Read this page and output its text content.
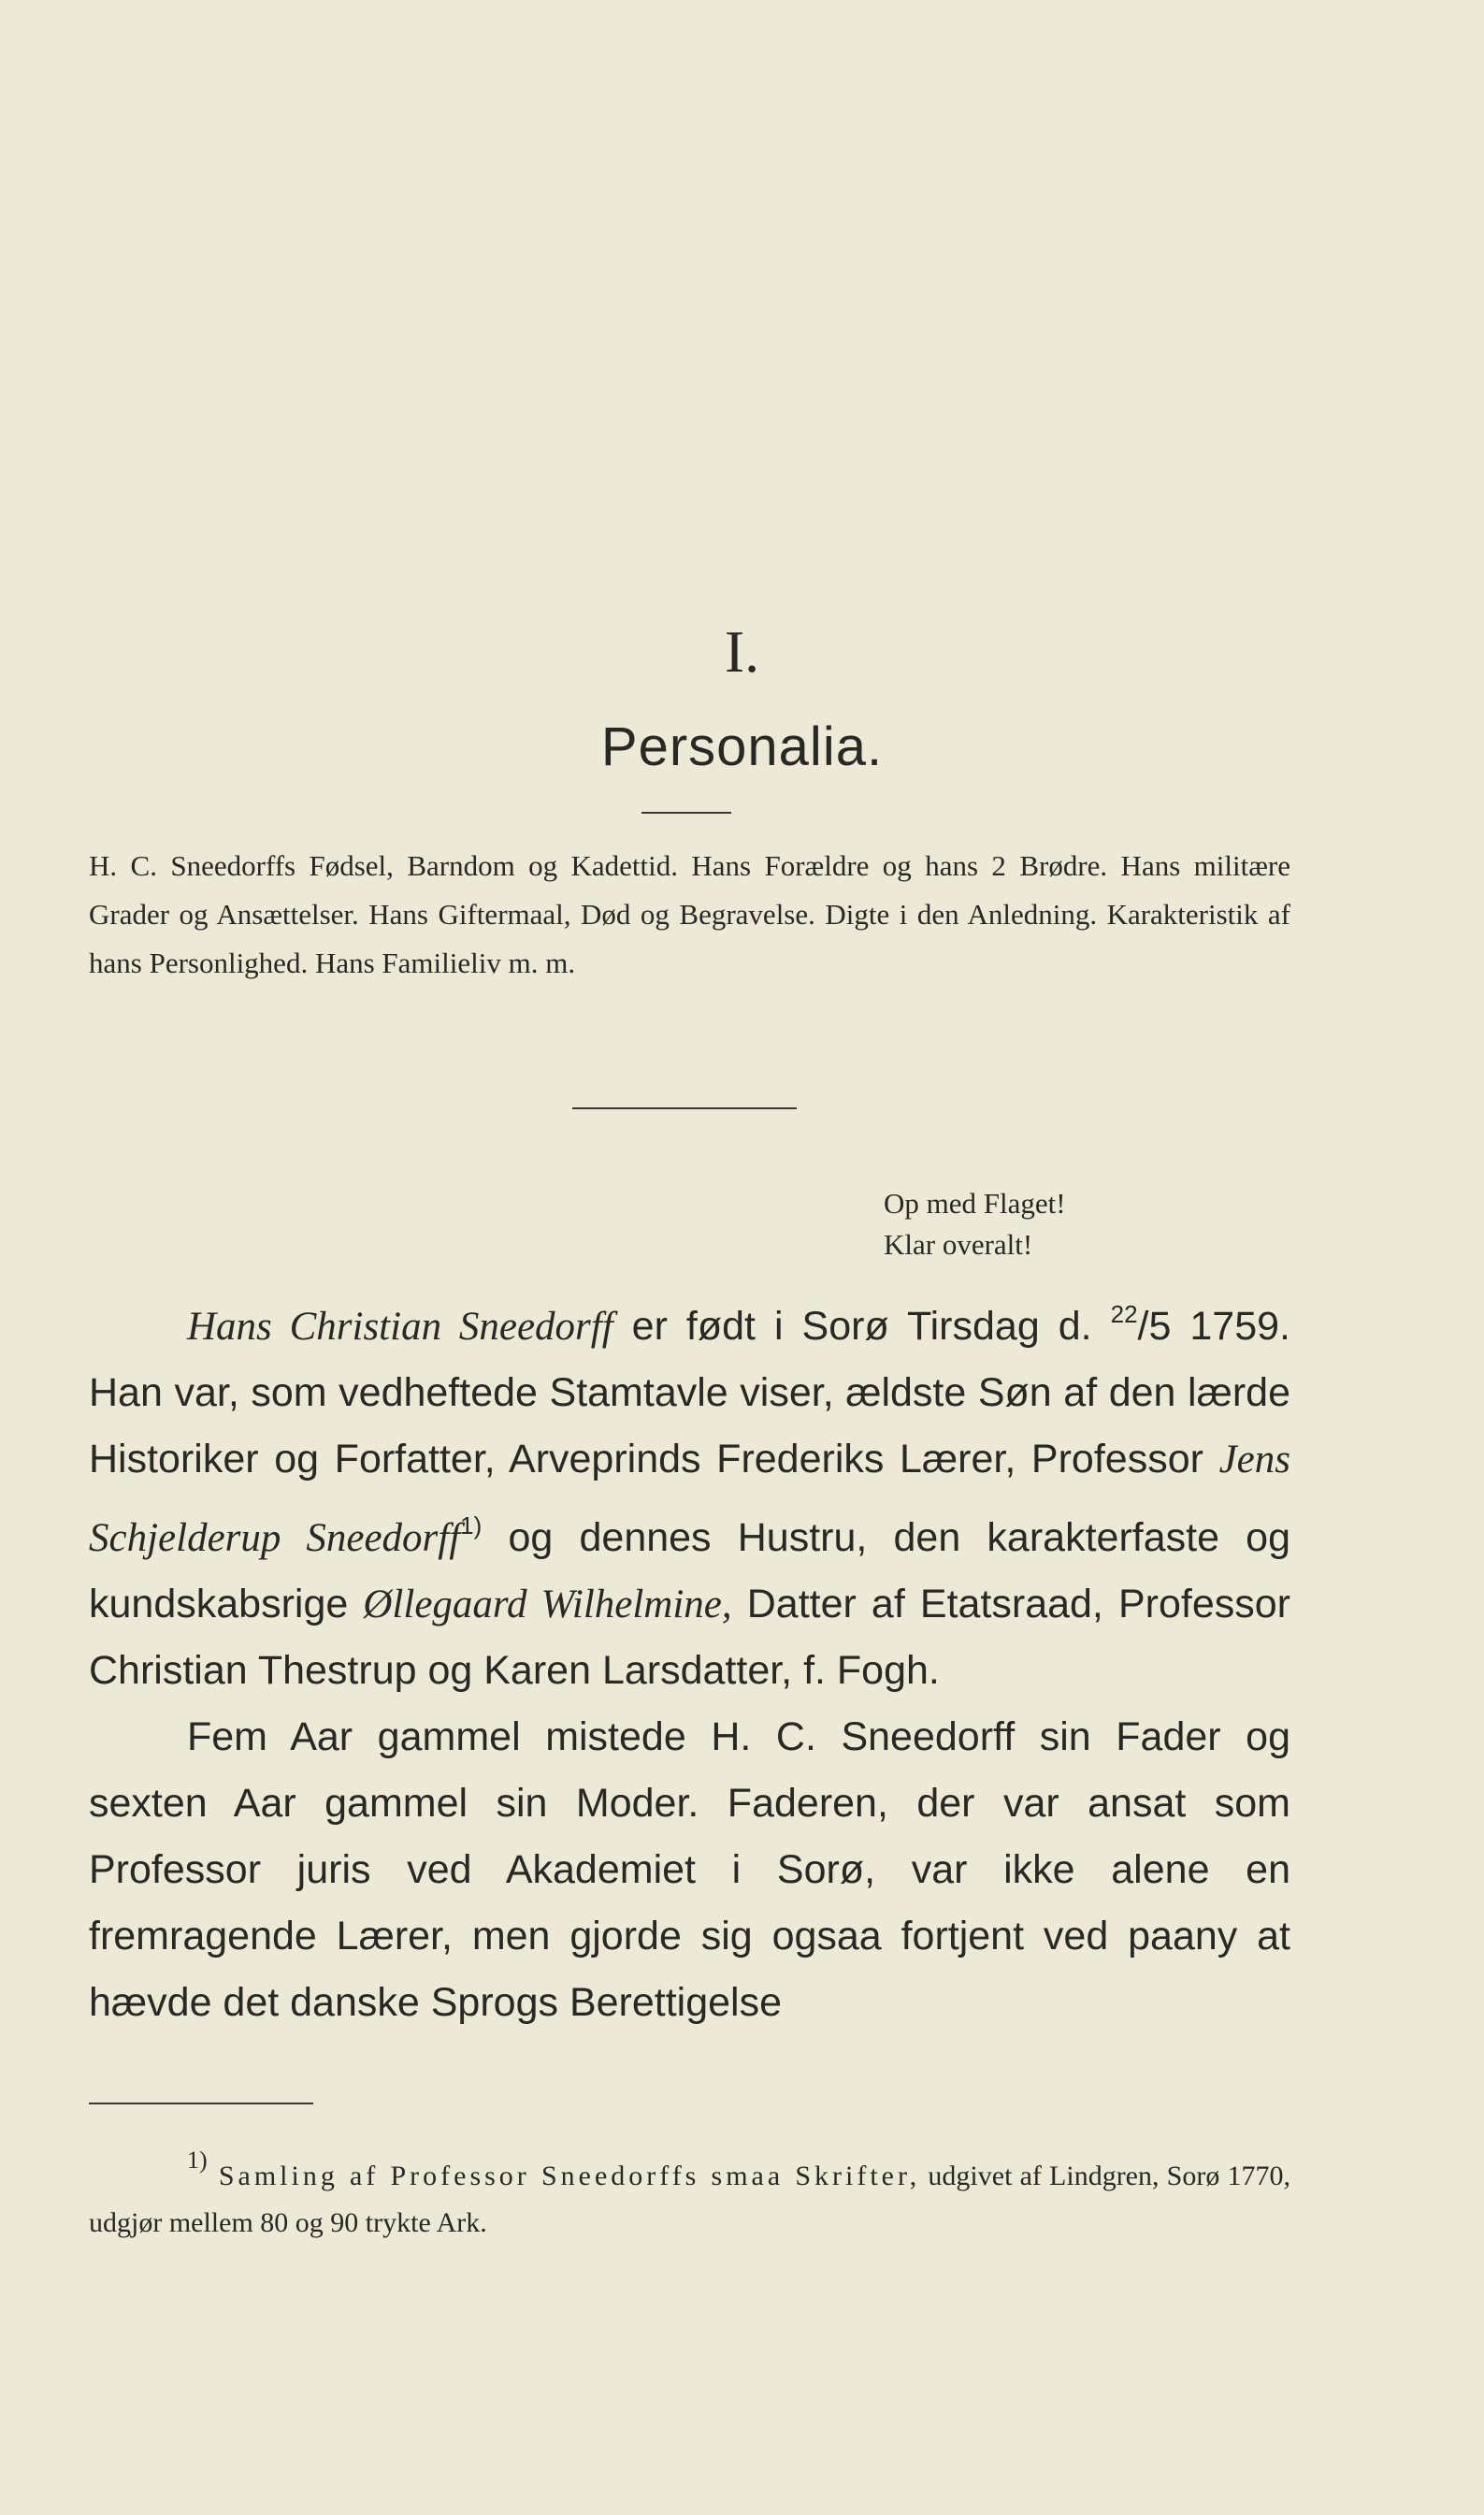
I.
Personalia.
H. C. Sneedorffs Fødsel, Barndom og Kadettid. Hans Forældre og hans 2 Brødre. Hans militære Grader og Ansættelser. Hans Giftermaal, Død og Begravelse. Digte i den Anledning. Karakteristik af hans Personlighed. Hans Familieliv m. m.
Op med Flaget!
Klar overalt!

Hans Christian Sneedorff er født i Sorø Tirsdag d. $^{22}$/5 1759. Han var, som vedheftede Stamtavle viser, ældste Søn af den lærde Historiker og Forfatter, Arveprinds Frederiks Lærer, Professor Jens Schjelderup Sneedorff$^{1)}$ og dennes Hustru, den karakterfaste og kundskabsrige Øllegaard Wilhelmine, Datter af Etatsraad, Professor Christian Thestrup og Karen Larsdatter, f. Fogh.

Fem Aar gammel mistede H. C. Sneedorff sin Fader og sexten Aar gammel sin Moder. Faderen, der var ansat som Professor juris ved Akademiet i Sorø, var ikke alene en fremragende Lærer, men gjorde sig ogsaa fortjent ved paany at hævde det danske Sprogs Berettigelse

1) Samling af Professor Sneedorffs smaa Skrifter, udgivet af Lindgren, Sorø 1770, udgjør mellem 80 og 90 trykte Ark.
